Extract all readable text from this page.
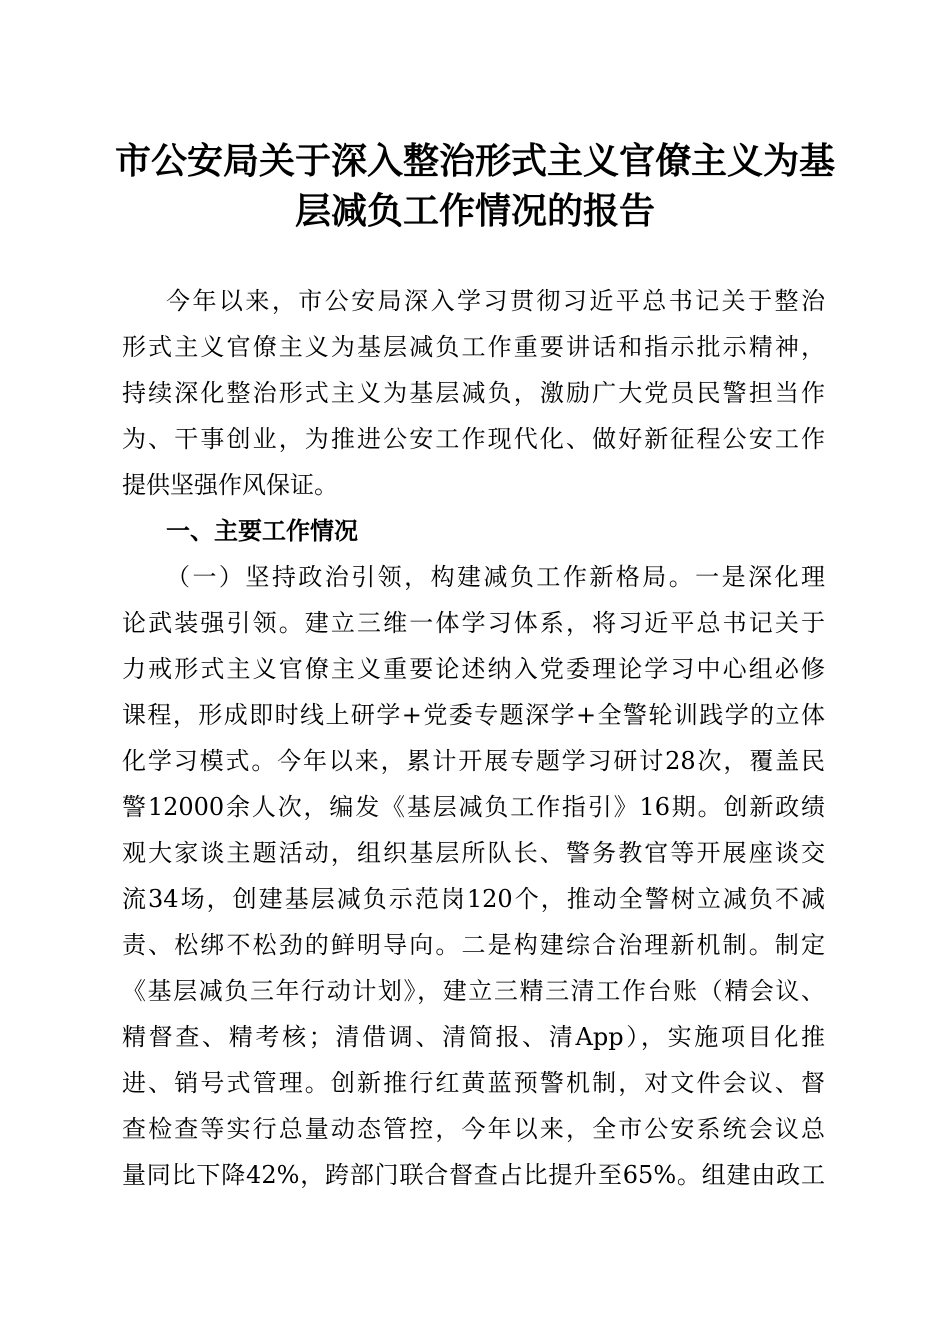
市公安局关于深入整治形式主义官僚主义为基
层减负工作情况的报告
今年以来，市公安局深入学习贯彻习近平总书记关于整治
形式主义官僚主义为基层减负工作重要讲话和指示批示精神，
持续深化整治形式主义为基层减负，激励广大党员民警担当作
为、干事创业，为推进公安工作现代化、做好新征程公安工作
提供坚强作风保证。
一、主要工作情况
（一）坚持政治引领，构建减负工作新格局。一是深化理
论武装强引领。建立三维一体学习体系，将习近平总书记关于
力戒形式主义官僚主义重要论述纳入党委理论学习中心组必修
课程，形成即时线上研学+党委专题深学+全警轮训践学的立体
化学习模式。今年以来，累计开展专题学习研讨28次，覆盖民
警12000余人次，编发《基层减负工作指引》16期。创新政绩
观大家谈主题活动，组织基层所队长、警务教官等开展座谈交
流34场，创建基层减负示范岗120个，推动全警树立减负不减
责、松绑不松劲的鲜明导向。二是构建综合治理新机制。制定
《基层减负三年行动计划》，建立三精三清工作台账（精会议、
精督查、精考核；清借调、清简报、清App），实施项目化推
进、销号式管理。创新推行红黄蓝预警机制，对文件会议、督
查检查等实行总量动态管控，今年以来，全市公安系统会议总
量同比下降42%，跨部门联合督查占比提升至65%。组建由政工
